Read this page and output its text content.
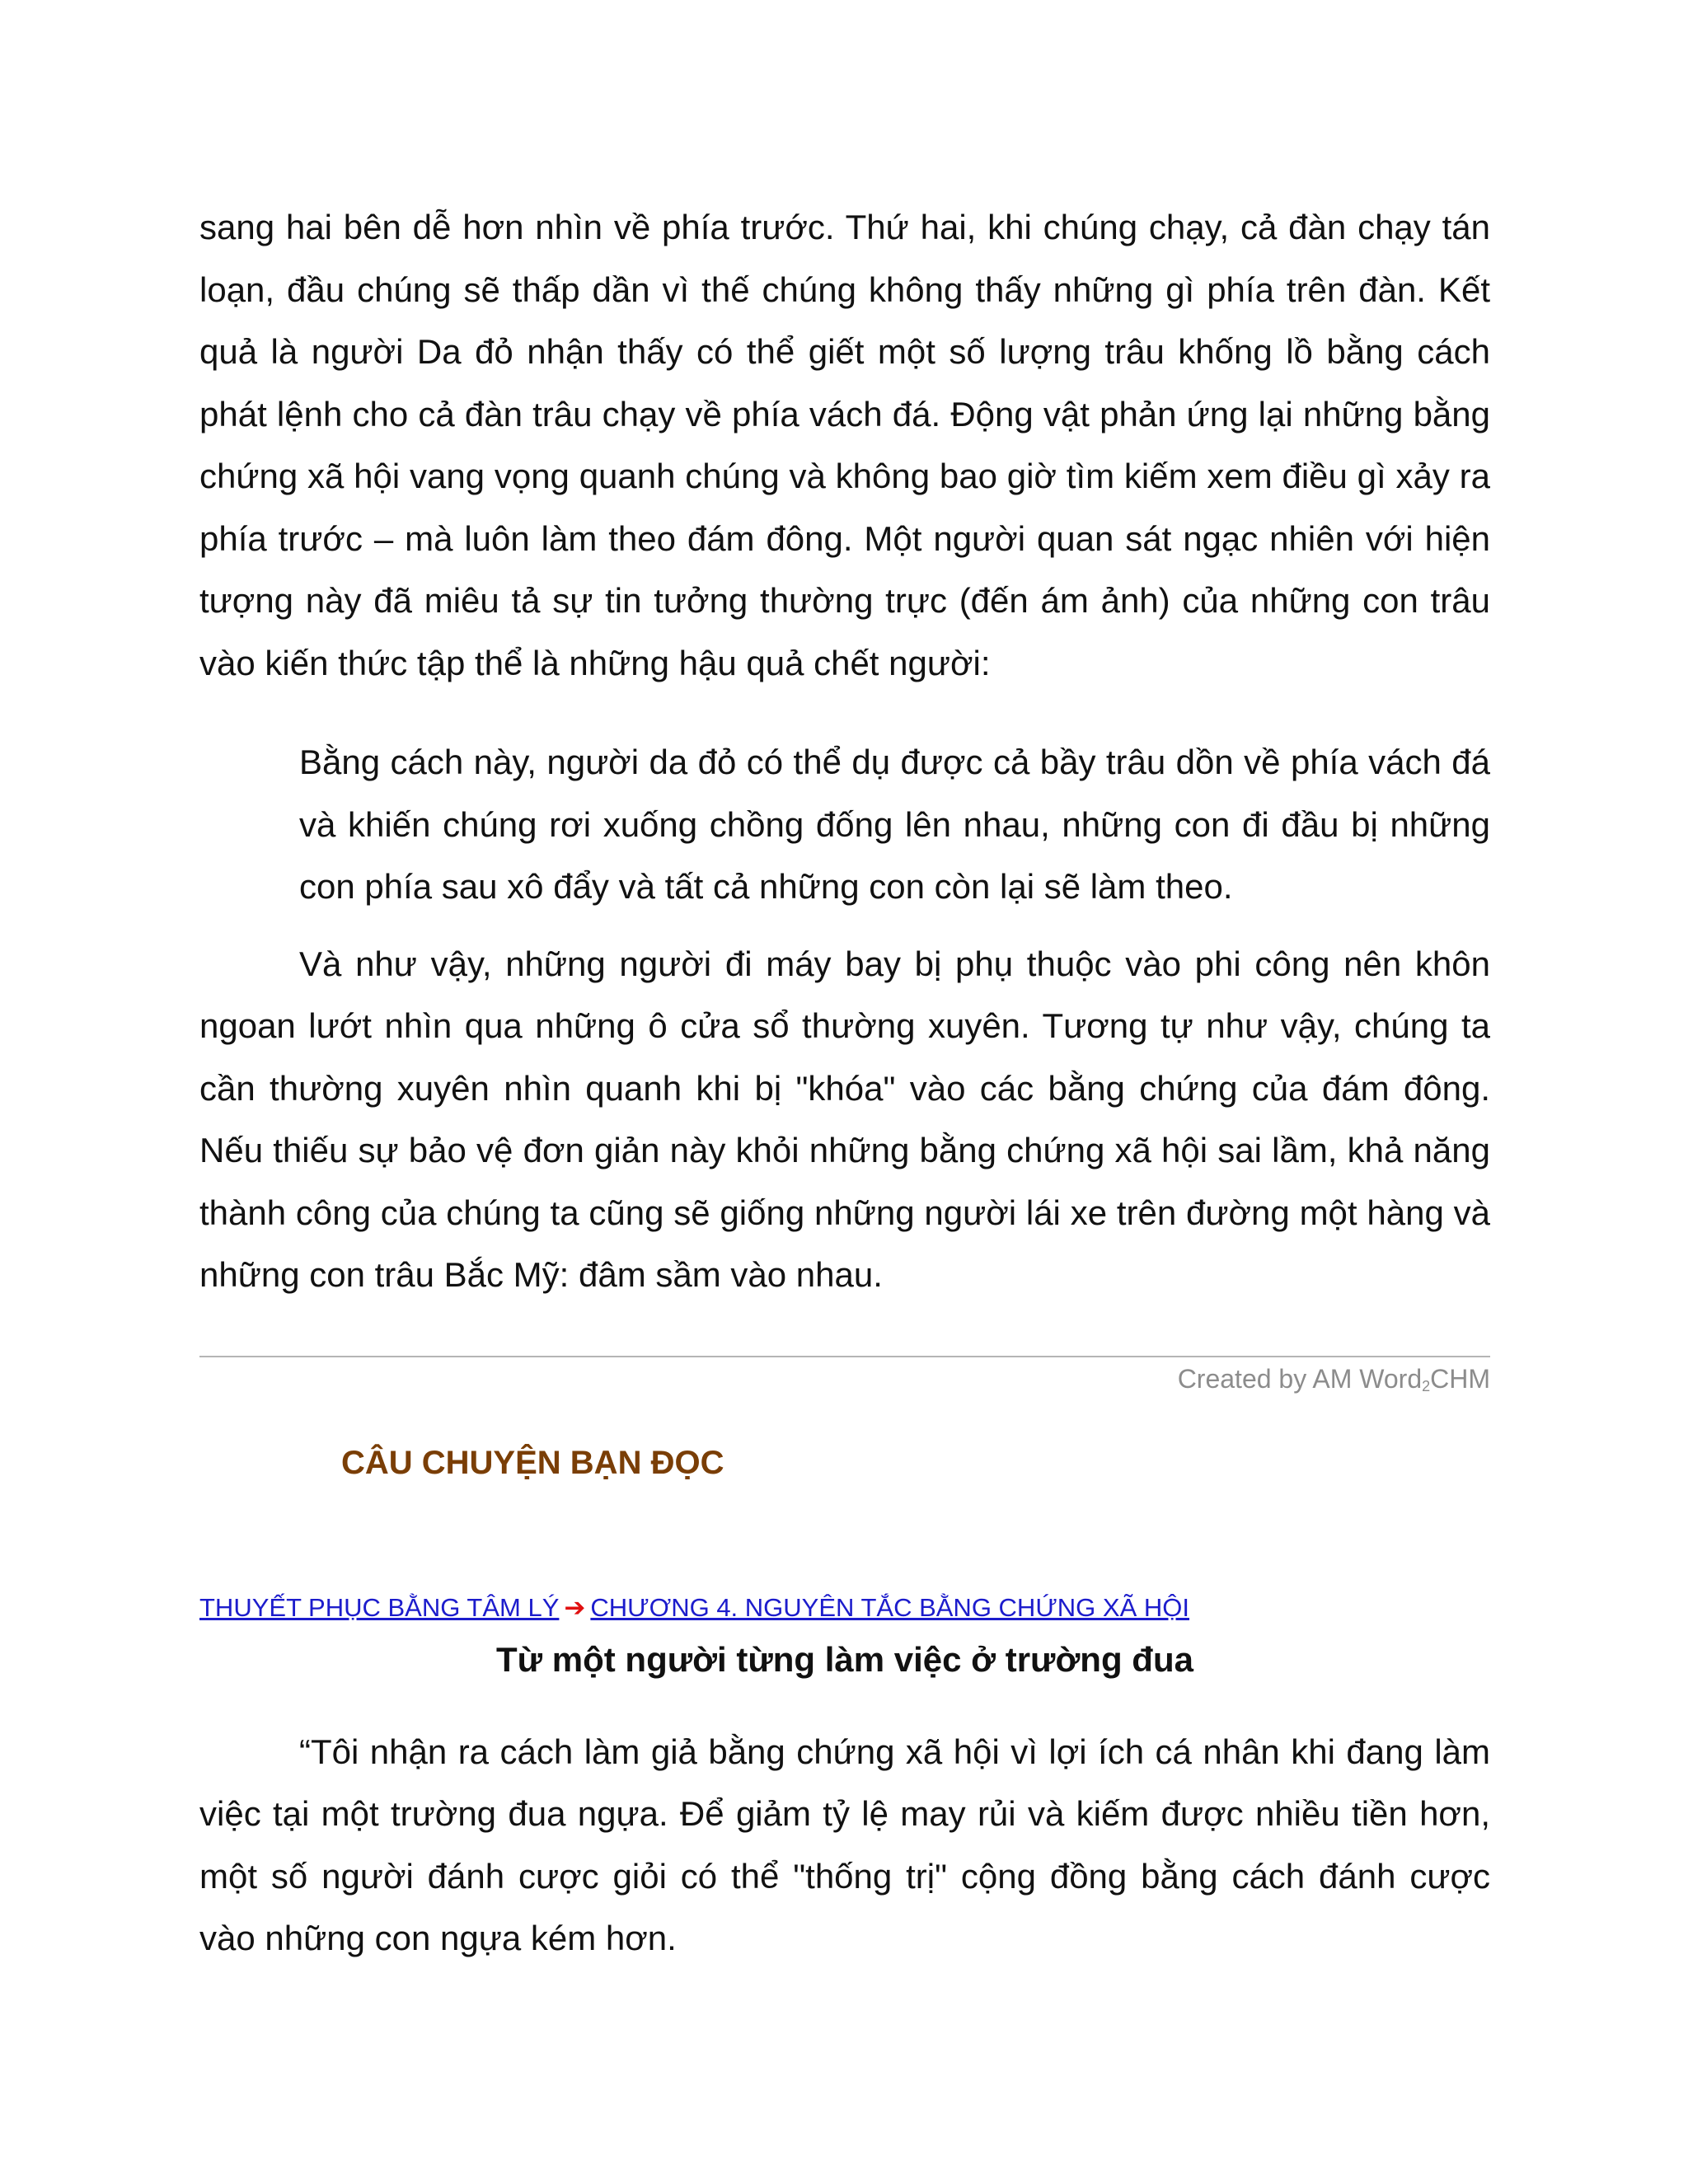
sang hai bên dễ hơn nhìn về phía trước. Thứ hai, khi chúng chạy, cả đàn chạy tán loạn, đầu chúng sẽ thấp dần vì thế chúng không thấy những gì phía trên đàn. Kết quả là người Da đỏ nhận thấy có thể giết một số lượng trâu khống lồ bằng cách phát lệnh cho cả đàn trâu chạy về phía vách đá. Động vật phản ứng lại những bằng chứng xã hội vang vọng quanh chúng và không bao giờ tìm kiếm xem điều gì xảy ra phía trước – mà luôn làm theo đám đông. Một người quan sát ngạc nhiên với hiện tượng này đã miêu tả sự tin tưởng thường trực (đến ám ảnh) của những con trâu vào kiến thức tập thể là những hậu quả chết người:

Bằng cách này, người da đỏ có thể dụ được cả bầy trâu dồn về phía vách đá và khiến chúng rơi xuống chồng đống lên nhau, những con đi đầu bị những con phía sau xô đẩy và tất cả những con còn lại sẽ làm theo.

Và như vậy, những người đi máy bay bị phụ thuộc vào phi công nên khôn ngoan lướt nhìn qua những ô cửa sổ thường xuyên. Tương tự như vậy, chúng ta cần thường xuyên nhìn quanh khi bị "khóa" vào các bằng chứng của đám đông. Nếu thiếu sự bảo vệ đơn giản này khỏi những bằng chứng xã hội sai lầm, khả năng thành công của chúng ta cũng sẽ giống những người lái xe trên đường một hàng và những con trâu Bắc Mỹ: đâm sầm vào nhau.

Created by AM Word$_2$CHM
CÂU CHUYỆN BẠN ĐỌC
THUYẾT PHỤC BẰNG TÂM LÝ ➔ CHƯƠNG 4. NGUYÊN TẮC BẰNG CHỨNG XÃ HỘI
Từ một người từng làm việc ở trường đua

“Tôi nhận ra cách làm giả bằng chứng xã hội vì lợi ích cá nhân khi đang làm việc tại một trường đua ngựa. Để giảm tỷ lệ may rủi và kiếm được nhiều tiền hơn, một số người đánh cược giỏi có thể "thống trị" cộng đồng bằng cách đánh cược vào những con ngựa kém hơn.
